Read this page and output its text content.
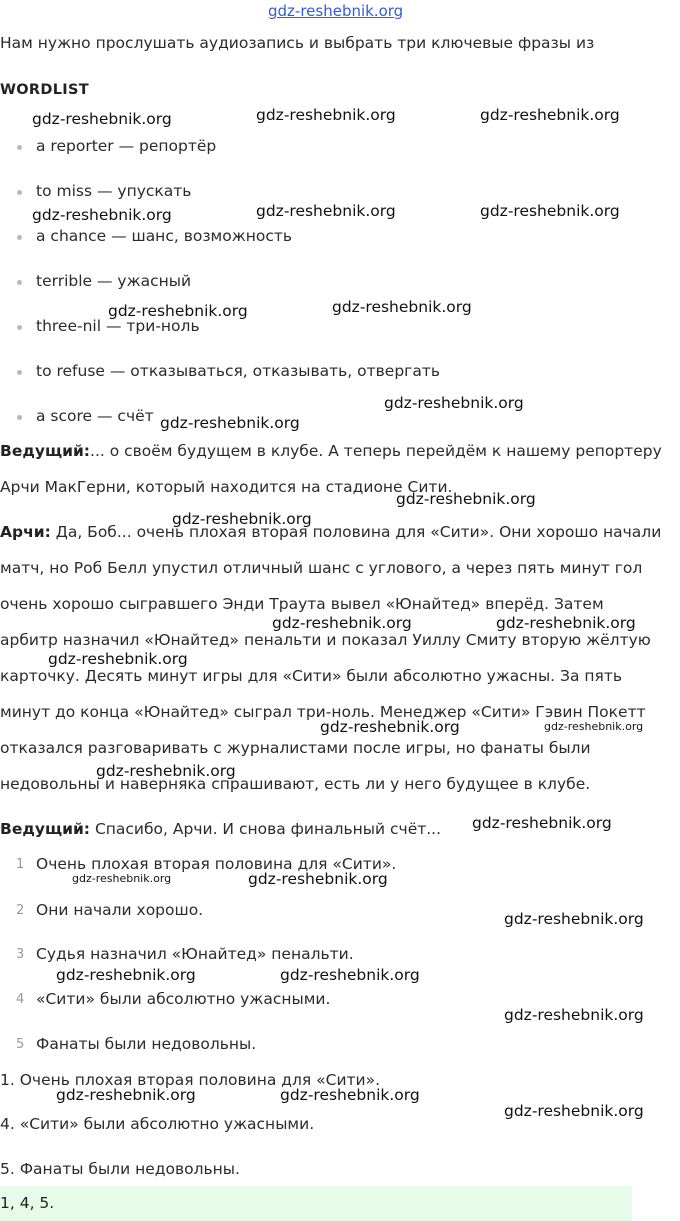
gdz-reshebnik.org
Нам нужно прослушать аудиозапись и выбрать три ключевые фразы из
WORDLIST
a reporter — репортёр
to miss — упускать
a chance — шанс, возможность
terrible — ужасный
three-nil — три-ноль
to refuse — отказываться, отказывать, отвергать
a score — счёт
Ведущий:... о своём будущем в клубе. А теперь перейдём к нашему репортеру
Арчи МакГерни, который находится на стадионе Сити.
Арчи: Да, Боб... очень плохая вторая половина для «Сити». Они хорошо начали
матч, но Роб Белл упустил отличный шанс с углового, а через пять минут гол
очень хорошо сыгравшего Энди Траута вывел «Юнайтед» вперёд. Затем
арбитр назначил «Юнайтед» пенальти и показал Уиллу Смиту вторую жёлтую
карточку. Десять минут игры для «Сити» были абсолютно ужасны. За пять
минут до конца «Юнайтед» сыграл три-ноль. Менеджер «Сити» Гэвин Покетт
отказался разговаривать с журналистами после игры, но фанаты были
недовольны и наверняка спрашивают, есть ли у него будущее в клубе.
Ведущий: Спасибо, Арчи. И снова финальный счёт...
1 Очень плохая вторая половина для «Сити».
2 Они начали хорошо.
3 Судья назначил «Юнайтед» пенальти.
4 «Сити» были абсолютно ужасными.
5 Фанаты были недовольны.
1. Очень плохая вторая половина для «Сити».
4. «Сити» были абсолютно ужасными.
5. Фанаты были недовольны.
1, 4, 5.
gdz-reshebnik.org	gdz-reshebnik.org	gdz-reshebnik.org
gdz-reshebnik.org	gdz-reshebnik.org	gdz-reshebnik.org
gdz-reshebnik.org	gdz-reshebnik.org
gdz-reshebnik.org
gdz-reshebnik.org
gdz-reshebnik.org
gdz-reshebnik.org
gdz-reshebnik.org	gdz-reshebnik.org
gdz-reshebnik.org
gdz-reshebnik.org	gdz-reshebnik.org
gdz-reshebnik.org
gdz-reshebnik.org
gdz-reshebnik.org	gdz-reshebnik.org
gdz-reshebnik.org
gdz-reshebnik.org	gdz-reshebnik.org
gdz-reshebnik.org
gdz-reshebnik.org	gdz-reshebnik.org
gdz-reshebnik.org
